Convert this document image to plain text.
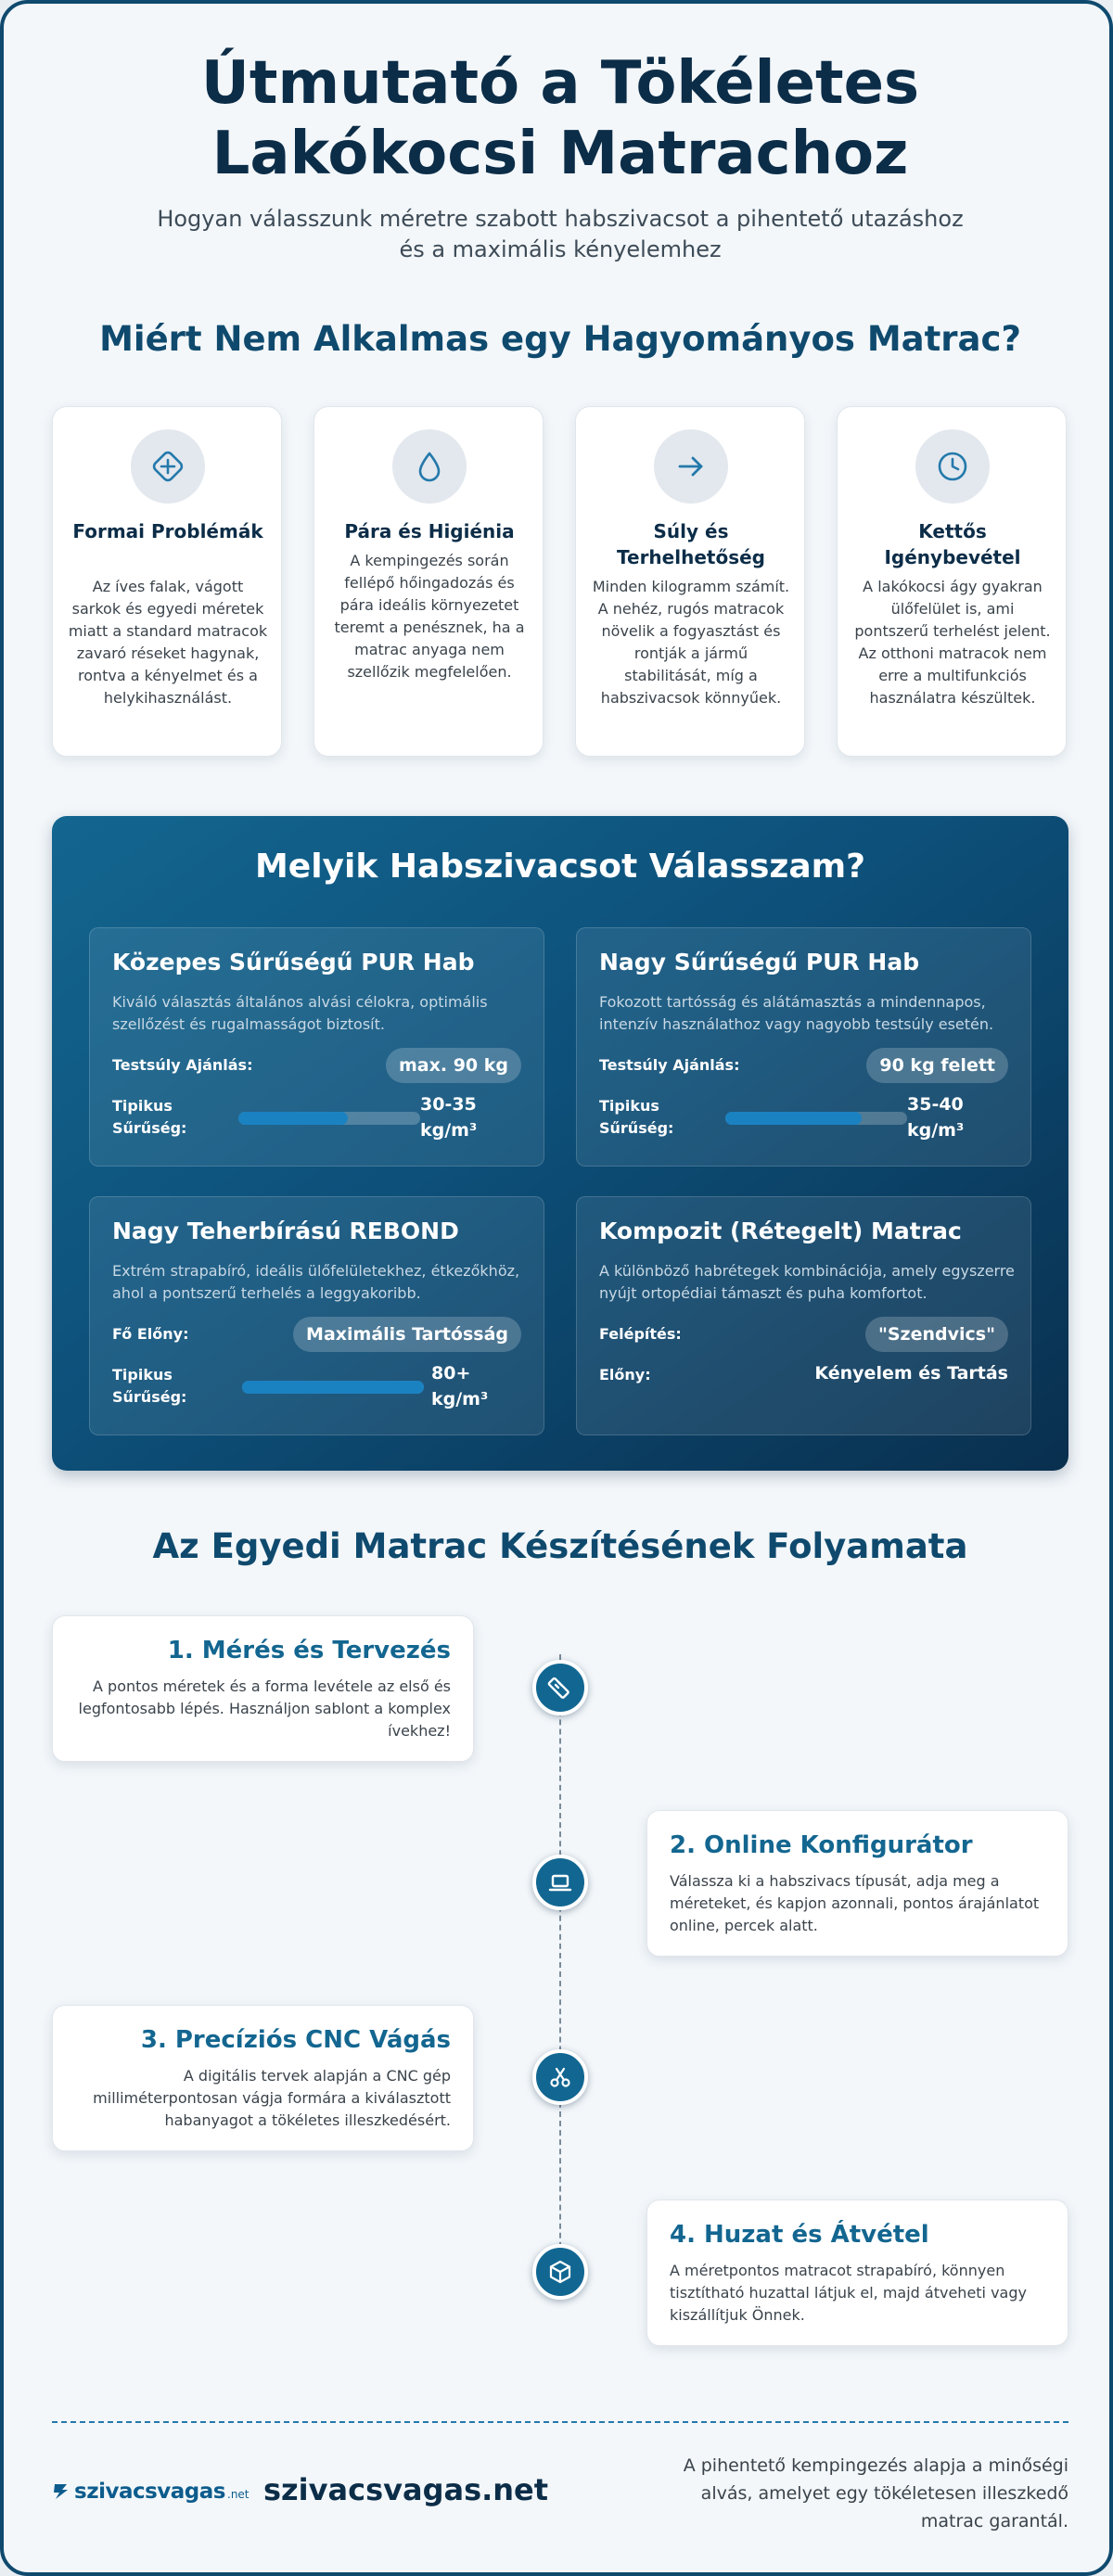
Útmutató a Tökéletes Lakókocsi Matrachoz

Hogyan válasszunk méretre szabott habszivacsot a pihentető utazáshoz és a maximális kényelemhez

Miért Nem Alkalmas egy Hagyományos Matrac?
Formai Problémák
Az íves falak, vágott sarkok és egyedi méretek miatt a standard matracok zavaró réseket hagynak, rontva a kényelmet és a helykihasználást.
Pára és Higiénia
A kempingezés során fellépő hőingadozás és pára ideális környezetet teremt a penésznek, ha a matrac anyaga nem szellőzik megfelelően.
Súly és Terhelhetőség
Minden kilogramm számít. A nehéz, rugós matracok növelik a fogyasztást és rontják a jármű stabilitását, míg a habszivacsok könnyűek.
Kettős Igénybevétel
A lakókocsi ágy gyakran ülőfelület is, ami pontszerű terhelést jelent. Az otthoni matracok nem erre a multifunkciós használatra készültek.
Melyik Habszivacsot Válasszam?
Közepes Sűrűségű PUR Hab
Kiváló választás általános alvási célokra, optimális szellőzést és rugalmasságot biztosít.
Testsúly Ajánlás:	max. 90 kg
Tipikus Sűrűség:
30-35 kg/m³
Nagy Sűrűségű PUR Hab
Fokozott tartósság és alátámasztás a mindennapos, intenzív használathoz vagy nagyobb testsúly esetén.
Testsúly Ajánlás:	90 kg felett
Tipikus Sűrűség:
35-40 kg/m³
Nagy Teherbírású REBOND
Extrém strapabíró, ideális ülőfelületekhez, étkezőkhöz, ahol a pontszerű terhelés a leggyakoribb.
Fő Előny:	Maximális Tartósság
Tipikus Sűrűség:
80+ kg/m³
Kompozit (Rétegelt) Matrac
A különböző habrétegek kombinációja, amely egyszerre nyújt ortopédiai támaszt és puha komfortot.
Felépítés:	"Szendvics"
Előny:	Kényelem és Tartás
Az Egyedi Matrac Készítésének Folyamata
1. Mérés és Tervezés
A pontos méretek és a forma levétele az első és legfontosabb lépés. Használjon sablont a komplex ívekhez!
2. Online Konfigurátor
Válassza ki a habszivacs típusát, adja meg a méreteket, és kapjon azonnali, pontos árajánlatot online, percek alatt.
3. Precíziós CNC Vágás
A digitális tervek alapján a CNC gép milliméterpontosan vágja formára a kiválasztott habanyagot a tökéletes illeszkedésért.
4. Huzat és Átvétel
A méretpontos matracot strapabíró, könnyen tisztítható huzattal látjuk el, majd átveheti vagy kiszállítjuk Önnek.
szivacsvagas .net szivacsvagas.net
A pihentető kempingezés alapja a minőségi alvás, amelyet egy tökéletesen illeszkedő matrac garantál.
